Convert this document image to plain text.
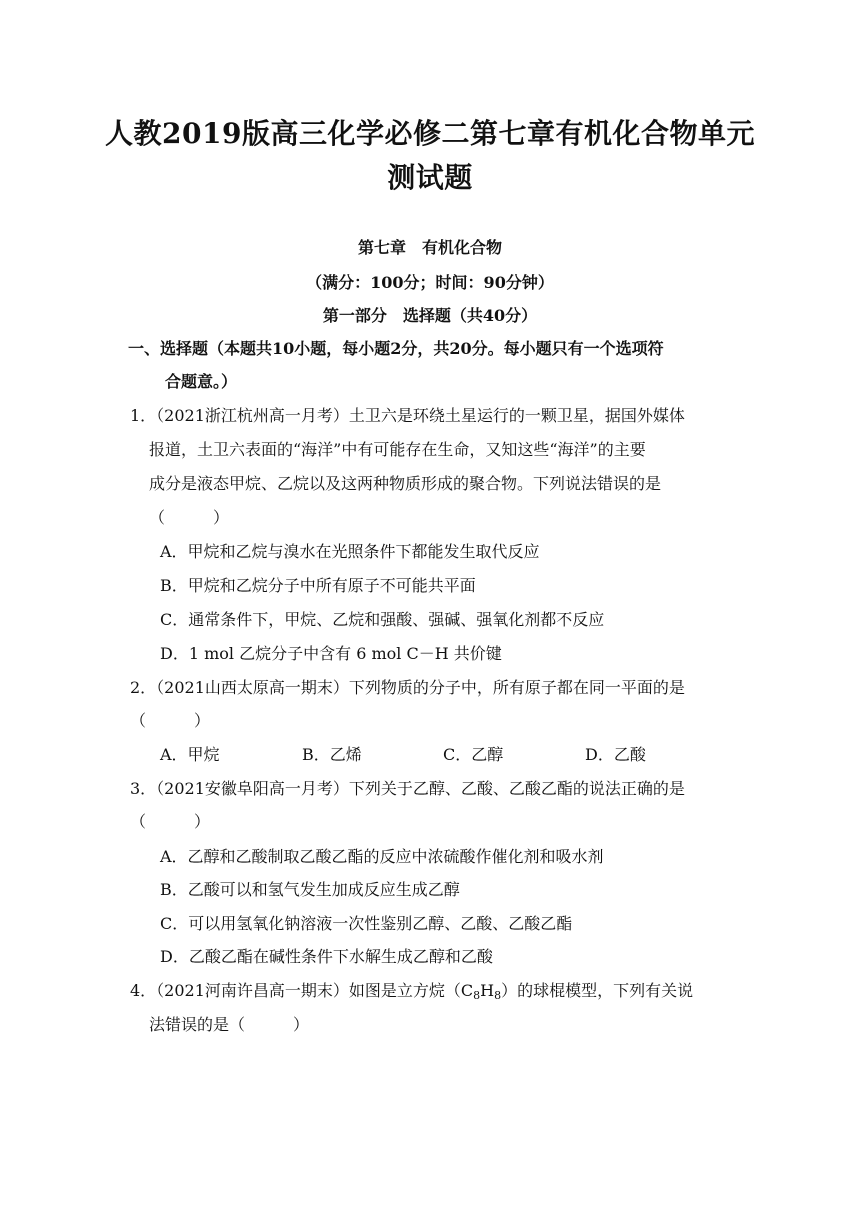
人教2019版高三化学必修二第七章有机化合物单元
测试题
第七章　有机化合物
（满分：100分；时间：90分钟）
第一部分　选择题（共40分）
一、选择题（本题共10小题，每小题2分，共20分。每小题只有一个选项符
合题意。）
1．（2021浙江杭州高一月考）土卫六是环绕土星运行的一颗卫星，据国外媒体
报道，土卫六表面的“海洋”中有可能存在生命，又知这些“海洋”的主要
成分是液态甲烷、乙烷以及这两种物质形成的聚合物。下列说法错误的是
（　　　）
A．甲烷和乙烷与溴水在光照条件下都能发生取代反应
B．甲烷和乙烷分子中所有原子不可能共平面
C．通常条件下，甲烷、乙烷和强酸、强碱、强氧化剂都不反应
D．1 mol 乙烷分子中含有 6 mol C－H 共价键
2．（2021山西太原高一期末）下列物质的分子中，所有原子都在同一平面的是
（　　　）
A．甲烷	B．乙烯	C．乙醇	D．乙酸
3．（2021安徽阜阳高一月考）下列关于乙醇、乙酸、乙酸乙酯的说法正确的是
（　　　）
A．乙醇和乙酸制取乙酸乙酯的反应中浓硫酸作催化剂和吸水剂
B．乙酸可以和氢气发生加成反应生成乙醇
C．可以用氢氧化钠溶液一次性鉴别乙醇、乙酸、乙酸乙酯
D．乙酸乙酯在碱性条件下水解生成乙醇和乙酸
4．（2021河南许昌高一期末）如图是立方烷$(C_8H_8)$的球棍模型，下列有关说
法错误的是（　　　）
